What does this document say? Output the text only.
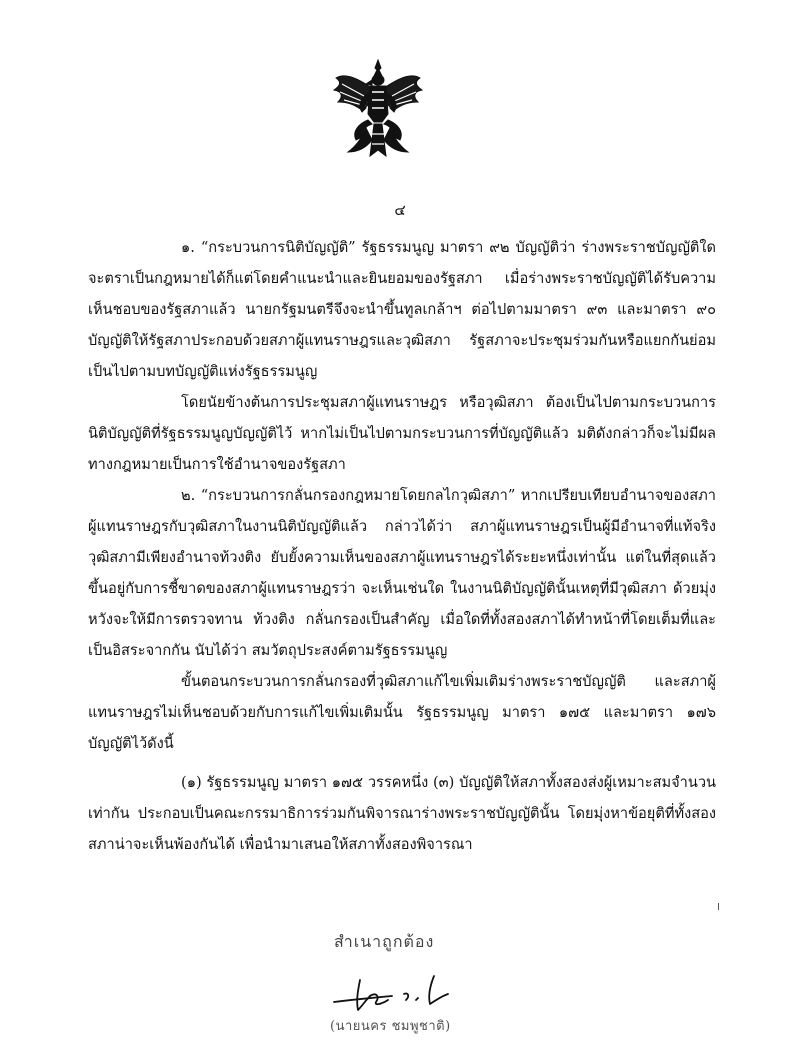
๔

๑. “กระบวนการนิติบัญญัติ” รัฐธรรมนูญ มาตรา ๙๒ บัญญัติว่า ร่างพระราชบัญญัติใด จะตราเป็นกฎหมายได้ก็แต่โดยคำแนะนำและยินยอมของรัฐสภา เมื่อร่างพระราชบัญญัติได้รับความเห็นชอบของรัฐสภาแล้ว นายกรัฐมนตรีจึงจะนำขึ้นทูลเกล้าฯ ต่อไปตามมาตรา ๙๓ และมาตรา ๙๐ บัญญัติให้รัฐสภาประกอบด้วยสภาผู้แทนราษฎรและวุฒิสภา รัฐสภาจะประชุมร่วมกันหรือแยกกันย่อมเป็นไปตามบทบัญญัติแห่งรัฐธรรมนูญ

โดยนัยข้างต้นการประชุมสภาผู้แทนราษฎร หรือวุฒิสภา ต้องเป็นไปตามกระบวนการนิติบัญญัติที่รัฐธรรมนูญบัญญัติไว้ หากไม่เป็นไปตามกระบวนการที่บัญญัติแล้ว มติดังกล่าวก็จะไม่มีผลทางกฎหมายเป็นการใช้อำนาจของรัฐสภา

๒. “กระบวนการกลั่นกรองกฎหมายโดยกลไกวุฒิสภา” หากเปรียบเทียบอำนาจของสภาผู้แทนราษฎรกับวุฒิสภาในงานนิติบัญญัติแล้ว กล่าวได้ว่า สภาผู้แทนราษฎรเป็นผู้มีอำนาจที่แท้จริง วุฒิสภามีเพียงอำนาจท้วงติง ยับยั้งความเห็นของสภาผู้แทนราษฎรได้ระยะหนึ่งเท่านั้น แต่ในที่สุดแล้วขึ้นอยู่กับการชี้ขาดของสภาผู้แทนราษฎรว่า จะเห็นเช่นใด ในงานนิติบัญญัตินั้นเหตุที่มีวุฒิสภา ด้วยมุ่งหวังจะให้มีการตรวจทาน ท้วงติง กลั่นกรองเป็นสำคัญ เมื่อใดที่ทั้งสองสภาได้ทำหน้าที่โดยเต็มที่และเป็นอิสระจากกัน นับได้ว่า สมวัตถุประสงค์ตามรัฐธรรมนูญ

ขั้นตอนกระบวนการกลั่นกรองที่วุฒิสภาแก้ไขเพิ่มเติมร่างพระราชบัญญัติ และสภาผู้แทนราษฎรไม่เห็นชอบด้วยกับการแก้ไขเพิ่มเติมนั้น รัฐธรรมนูญ มาตรา ๑๗๕ และมาตรา ๑๗๖ บัญญัติไว้ดังนี้

(๑) รัฐธรรมนูญ มาตรา ๑๗๕ วรรคหนึ่ง (๓) บัญญัติให้สภาทั้งสองส่งผู้เหมาะสมจำนวนเท่ากัน ประกอบเป็นคณะกรรมาธิการร่วมกันพิจารณาร่างพระราชบัญญัตินั้น โดยมุ่งหาข้อยุติที่ทั้งสองสภาน่าจะเห็นพ้องกันได้ เพื่อนำมาเสนอให้สภาทั้งสองพิจารณา

สำเนาถูกต้อง
(นายนคร ชมพูชาติ)
